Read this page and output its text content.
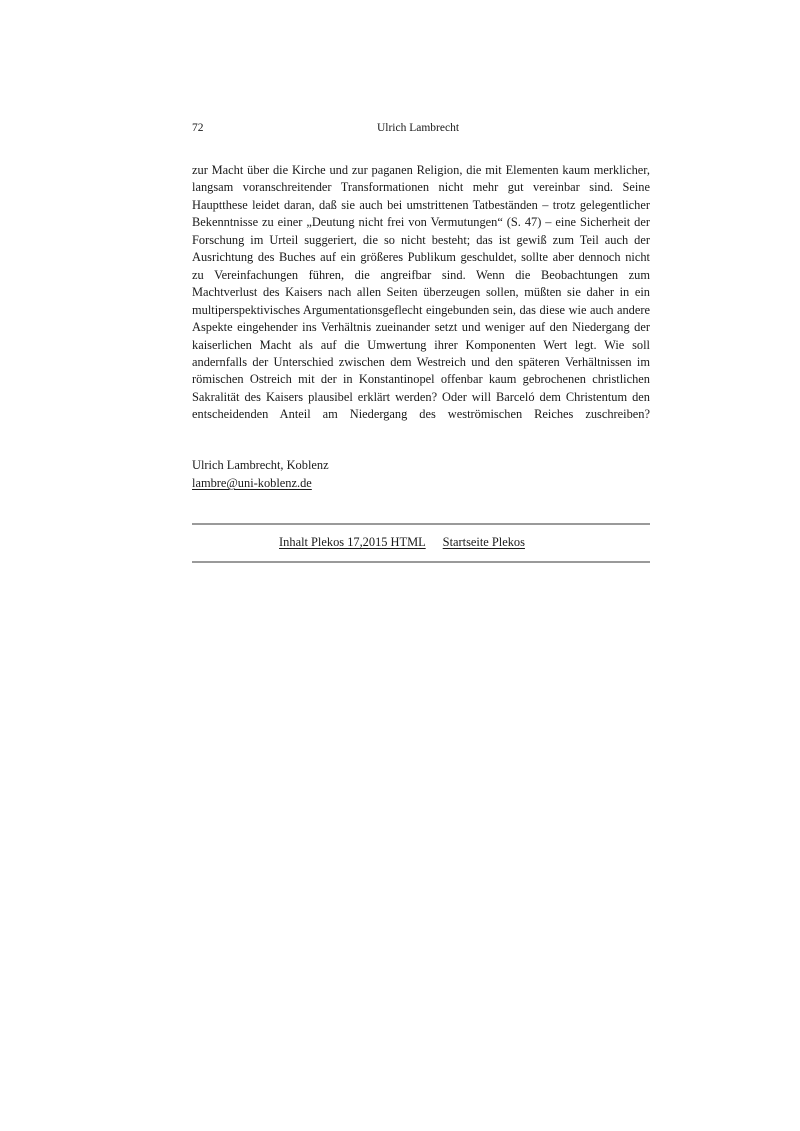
72	Ulrich Lambrecht

zur Macht über die Kirche und zur paganen Religion, die mit Elementen kaum merklicher, langsam voranschreitender Transformationen nicht mehr gut vereinbar sind. Seine Hauptthese leidet daran, daß sie auch bei umstrittenen Tatbeständen – trotz gelegentlicher Bekenntnisse zu einer „Deutung nicht frei von Vermutungen“ (S. 47) – eine Sicherheit der Forschung im Urteil suggeriert, die so nicht besteht; das ist gewiß zum Teil auch der Ausrichtung des Buches auf ein größeres Publikum geschuldet, sollte aber dennoch nicht zu Vereinfachungen führen, die angreifbar sind. Wenn die Beobachtungen zum Machtverlust des Kaisers nach allen Seiten überzeugen sollen, müßten sie daher in ein multiperspektivisches Argumentationsgeflecht eingebunden sein, das diese wie auch andere Aspekte eingehender ins Verhältnis zueinander setzt und weniger auf den Niedergang der kaiserlichen Macht als auf die Umwertung ihrer Komponenten Wert legt. Wie soll andernfalls der Unterschied zwischen dem Westreich und den späteren Verhältnissen im römischen Ostreich mit der in Konstantinopel offenbar kaum gebrochenen christlichen Sakralität des Kaisers plausibel erklärt werden? Oder will Barceló dem Christentum den entscheidenden Anteil am Niedergang des weströmischen Reiches zuschreiben?

Ulrich Lambrecht, Koblenz
lambre@uni-koblenz.de
Inhalt Plekos 17,2015 HTML Startseite Plekos
